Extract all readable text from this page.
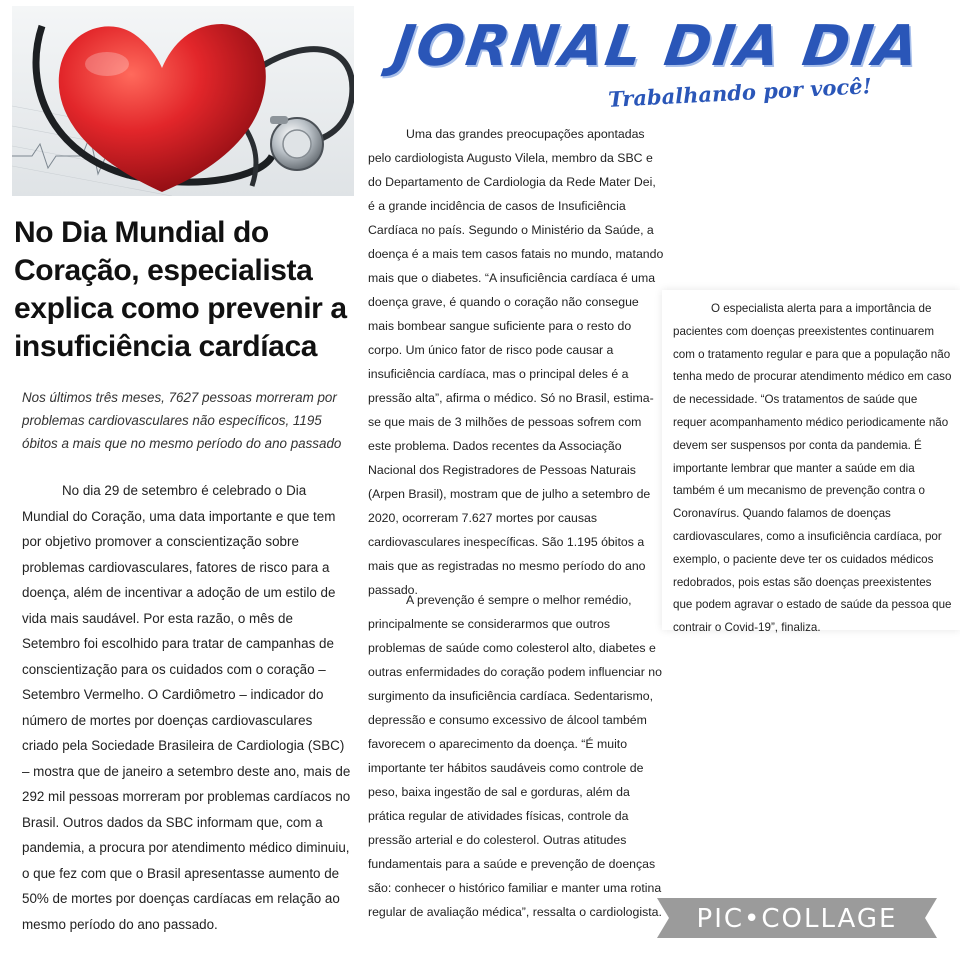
No Dia Mundial do Coração, especialista explica como prevenir a insuficiência cardíaca

Nos últimos três meses, 7627 pessoas morreram por problemas cardiovasculares não específicos, 1195 óbitos a mais que no mesmo período do ano passado

No dia 29 de setembro é celebrado o Dia Mundial do Coração, uma data importante e que tem por objetivo promover a conscientização sobre problemas cardiovasculares, fatores de risco para a doença, além de incentivar a adoção de um estilo de vida mais saudável. Por esta razão, o mês de Setembro foi escolhido para tratar de campanhas de conscientização para os cuidados com o coração – Setembro Vermelho. O Cardiômetro – indicador do número de mortes por doenças cardiovasculares criado pela Sociedade Brasileira de Cardiologia (SBC) – mostra que de janeiro a setembro deste ano, mais de 292 mil pessoas morreram por problemas cardíacos no Brasil. Outros dados da SBC informam que, com a pandemia, a procura por atendimento médico diminuiu, o que fez com que o Brasil apresentasse aumento de 50% de mortes por doenças cardíacas em relação ao mesmo período do ano passado.

JORNAL DIA DIA
Trabalhando por você!

Uma das grandes preocupações apontadas pelo cardiologista Augusto Vilela, membro da SBC e do Departamento de Cardiologia da Rede Mater Dei, é a grande incidência de casos de Insuficiência Cardíaca no país. Segundo o Ministério da Saúde, a doença é a mais tem casos fatais no mundo, matando mais que o diabetes. “A insuficiência cardíaca é uma doença grave, é quando o coração não consegue mais bombear sangue suficiente para o resto do corpo. Um único fator de risco pode causar a insuficiência cardíaca, mas o principal deles é a pressão alta”, afirma o médico. Só no Brasil, estima-se que mais de 3 milhões de pessoas sofrem com este problema. Dados recentes da Associação Nacional dos Registradores de Pessoas Naturais (Arpen Brasil), mostram que de julho a setembro de 2020, ocorreram 7.627 mortes por causas cardiovasculares inespecíficas. São 1.195 óbitos a mais que as registradas no mesmo período do ano passado.

A prevenção é sempre o melhor remédio, principalmente se considerarmos que outros problemas de saúde como colesterol alto, diabetes e outras enfermidades do coração podem influenciar no surgimento da insuficiência cardíaca. Sedentarismo, depressão e consumo excessivo de álcool também favorecem o aparecimento da doença. “É muito importante ter hábitos saudáveis como controle de peso, baixa ingestão de sal e gorduras, além da prática regular de atividades físicas, controle da pressão arterial e do colesterol. Outras atitudes fundamentais para a saúde e prevenção de doenças são: conhecer o histórico familiar e manter uma rotina regular de avaliação médica”, ressalta o cardiologista.

O especialista alerta para a importância de pacientes com doenças preexistentes continuarem com o tratamento regular e para que a população não tenha medo de procurar atendimento médico em caso de necessidade. “Os tratamentos de saúde que requer acompanhamento médico periodicamente não devem ser suspensos por conta da pandemia. É importante lembrar que manter a saúde em dia também é um mecanismo de prevenção contra o Coronavírus. Quando falamos de doenças cardiovasculares, como a insuficiência cardíaca, por exemplo, o paciente deve ter os cuidados médicos redobrados, pois estas são doenças preexistentes que podem agravar o estado de saúde da pessoa que contrair o Covid-19”, finaliza.

PIC•COLLAGE
